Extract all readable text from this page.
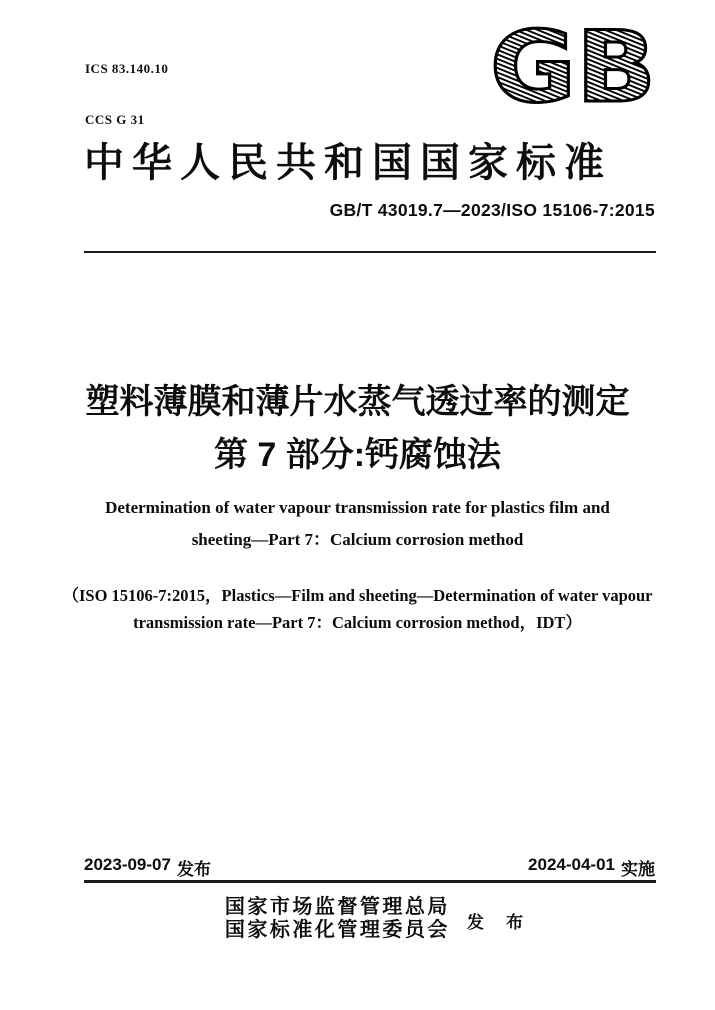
ICS 83.140.10

CCS G 31

	GB
中华人民共和国国家标准
GB/T 43019.7—2023/ISO 15106-7:2015
塑料薄膜和薄片水蒸气透过率的测定
第 7 部分:钙腐蚀法
Determination of water vapour transmission rate for plastics film and
sheeting—Part 7：Calcium corrosion method
（ISO 15106-7:2015，Plastics—Film and sheeting—Determination of water vapour
transmission rate—Part 7：Calcium corrosion method，IDT）
2023-09-07 发布	2024-04-01 实施
国家市场监督管理总局
国家标准化管理委员会 发 布
